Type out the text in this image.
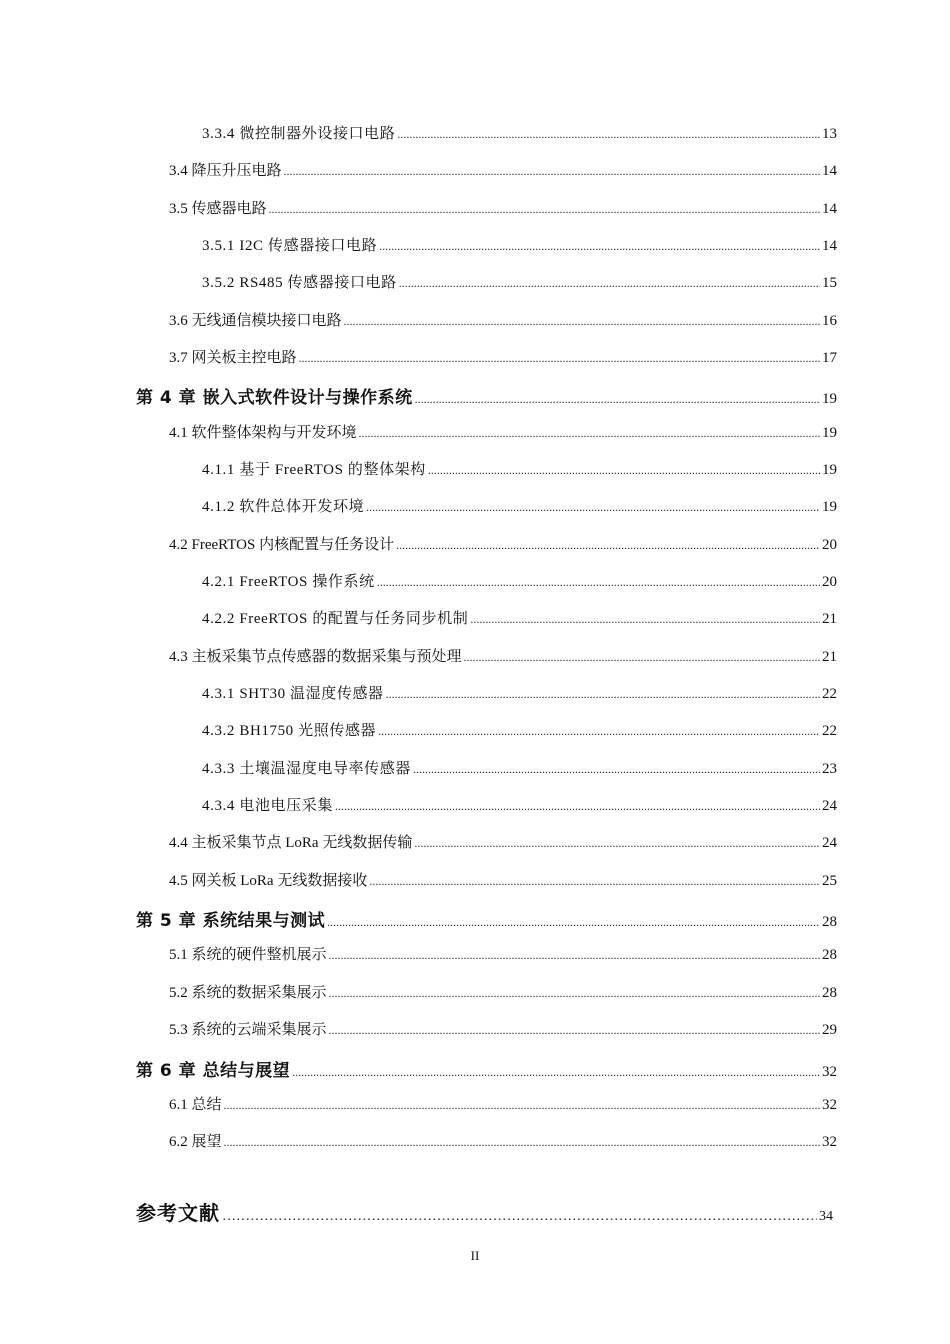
3.3.4 微控制器外设接口电路 .....	13
3.4 降压升压电路 .....	14
3.5 传感器电路 .....	14
3.5.1 I2C 传感器接口电路 .....	14
3.5.2 RS485 传感器接口电路 .....	15
3.6 无线通信模块接口电路 .....	16
3.7 网关板主控电路 .....	17
第 4 章 嵌入式软件设计与操作系统 .....	19
4.1 软件整体架构与开发环境 .....	19
4.1.1 基于 FreeRTOS 的整体架构 .....	19
4.1.2 软件总体开发环境 .....	19
4.2 FreeRTOS 内核配置与任务设计 .....	20
4.2.1 FreeRTOS 操作系统 .....	20
4.2.2 FreeRTOS 的配置与任务同步机制 .....	21
4.3 主板采集节点传感器的数据采集与预处理 .....	21
4.3.1 SHT30 温湿度传感器 .....	22
4.3.2 BH1750 光照传感器 .....	22
4.3.3 土壤温湿度电导率传感器 .....	23
4.3.4 电池电压采集 .....	24
4.4 主板采集节点 LoRa 无线数据传输 .....	24
4.5 网关板 LoRa 无线数据接收 .....	25
第 5 章 系统结果与测试 .....	28
5.1 系统的硬件整机展示 .....	28
5.2 系统的数据采集展示 .....	28
5.3 系统的云端采集展示 .....	29
第 6 章 总结与展望 .....	32
6.1 总结 .....	32
6.2 展望 .....	32
参考文献 ……………………………………………………………………………………………………………………………………………………………………………………………	34
II
